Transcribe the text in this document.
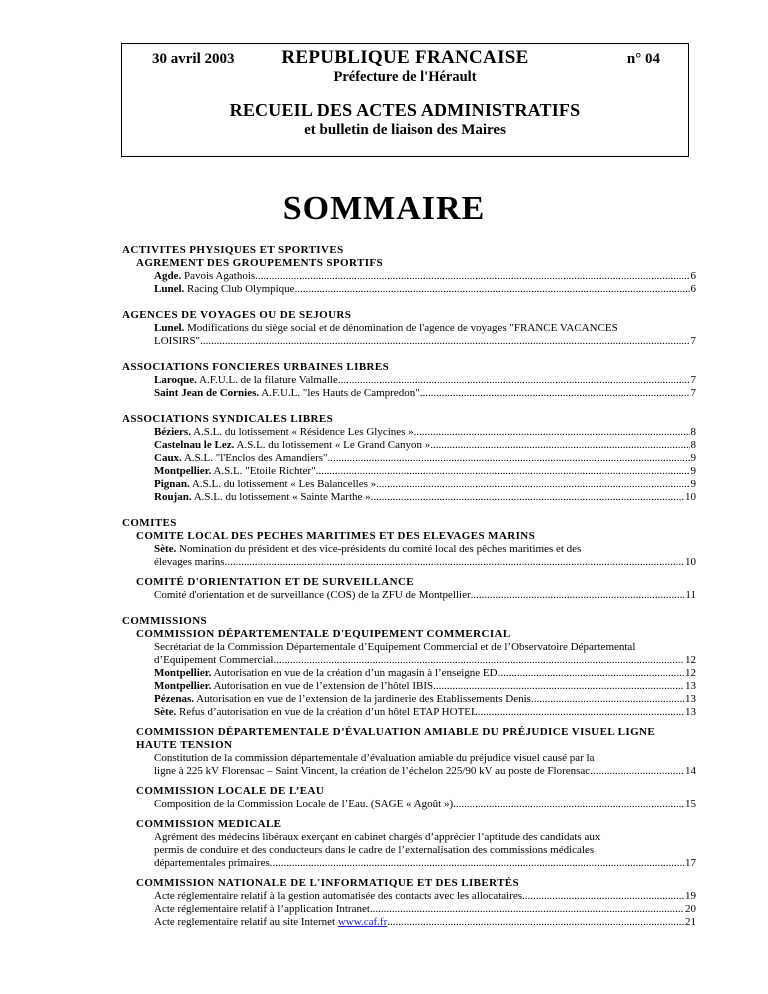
30 avril 2003	REPUBLIQUE FRANCAISE	n° 04
Préfecture de l'Hérault
RECUEIL DES ACTES ADMINISTRATIFS
et bulletin de liaison des Maires
SOMMAIRE
ACTIVITES PHYSIQUES ET SPORTIVES
AGREMENT DES GROUPEMENTS SPORTIFS
Agde. Pavois Agathois .....	6
Lunel. Racing Club Olympique .....	6
AGENCES DE VOYAGES OU DE SEJOURS
Lunel. Modifications du siège social et de dénomination de l'agence de voyages "FRANCE VACANCES
LOISIRS" .....	7
ASSOCIATIONS FONCIERES URBAINES LIBRES
Laroque. A.F.U.L. de la filature Valmalle .....	7
Saint Jean de Cornies. A.F.U.L. "les Hauts de Campredon" .....	7
ASSOCIATIONS SYNDICALES LIBRES
Béziers. A.S.L. du lotissement « Résidence Les Glycines » .....	8
Castelnau le Lez. A.S.L. du lotissement « Le Grand Canyon » .....	8
Caux. A.S.L. "l'Enclos des Amandiers" .....	9
Montpellier. A.S.L. "Etoile Richter" .....	9
Pignan. A.S.L. du lotissement « Les Balancelles » .....	9
Roujan. A.S.L. du lotissement « Sainte Marthe » .....	10
COMITES
COMITE LOCAL DES PECHES MARITIMES ET DES ELEVAGES MARINS
Sète. Nomination du président et des vice-présidents du comité local des pêches maritimes et des
élevages marins .....	10
COMITÉ D'ORIENTATION ET DE SURVEILLANCE
Comité d'orientation et de surveillance (COS) de la ZFU de Montpellier .....	11
COMMISSIONS
COMMISSION DÉPARTEMENTALE D'EQUIPEMENT COMMERCIAL
Secrétariat de la Commission Départementale d’Equipement Commercial et de l’Observatoire Départemental
d’Equipement Commercial .....	12
Montpellier. Autorisation en vue de la création d’un magasin à l’enseigne ED .....	12
Montpellier. Autorisation en vue de l’extension de l’hôtel IBIS .....	13
Pézenas. Autorisation en vue de l’extension de la jardinerie des Etablissements Denis. .....	13
Sète. Refus d’autorisation en vue de la création d’un hôtel ETAP HOTEL .....	13
COMMISSION DÉPARTEMENTALE D’ÉVALUATION AMIABLE DU PRÉJUDICE VISUEL LIGNE
HAUTE TENSION
Constitution de la commission départementale d’évaluation amiable du préjudice visuel causé par la
ligne à 225 kV Florensac – Saint Vincent, la création de l’échelon 225/90 kV au poste de Florensac. .....	14
COMMISSION LOCALE DE L’EAU
Composition de la Commission Locale de l’Eau. (SAGE « Agoût ») .....	15
COMMISSION MEDICALE
Agrément des médecins libéraux exerçant en cabinet chargés d’apprécier l’aptitude des candidats aux
permis de conduire et des conducteurs dans le cadre de l’externalisation des commissions médicales
départementales primaires .....	17
COMMISSION NATIONALE DE L'INFORMATIQUE ET DES LIBERTÉS
Acte réglementaire relatif à la gestion automatisée des contacts avec les allocataires .....	19
Acte réglementaire relatif à l’application Intranet .....	20
Acte reglementaire relatif au site Internet www.caf.fr .....	21
